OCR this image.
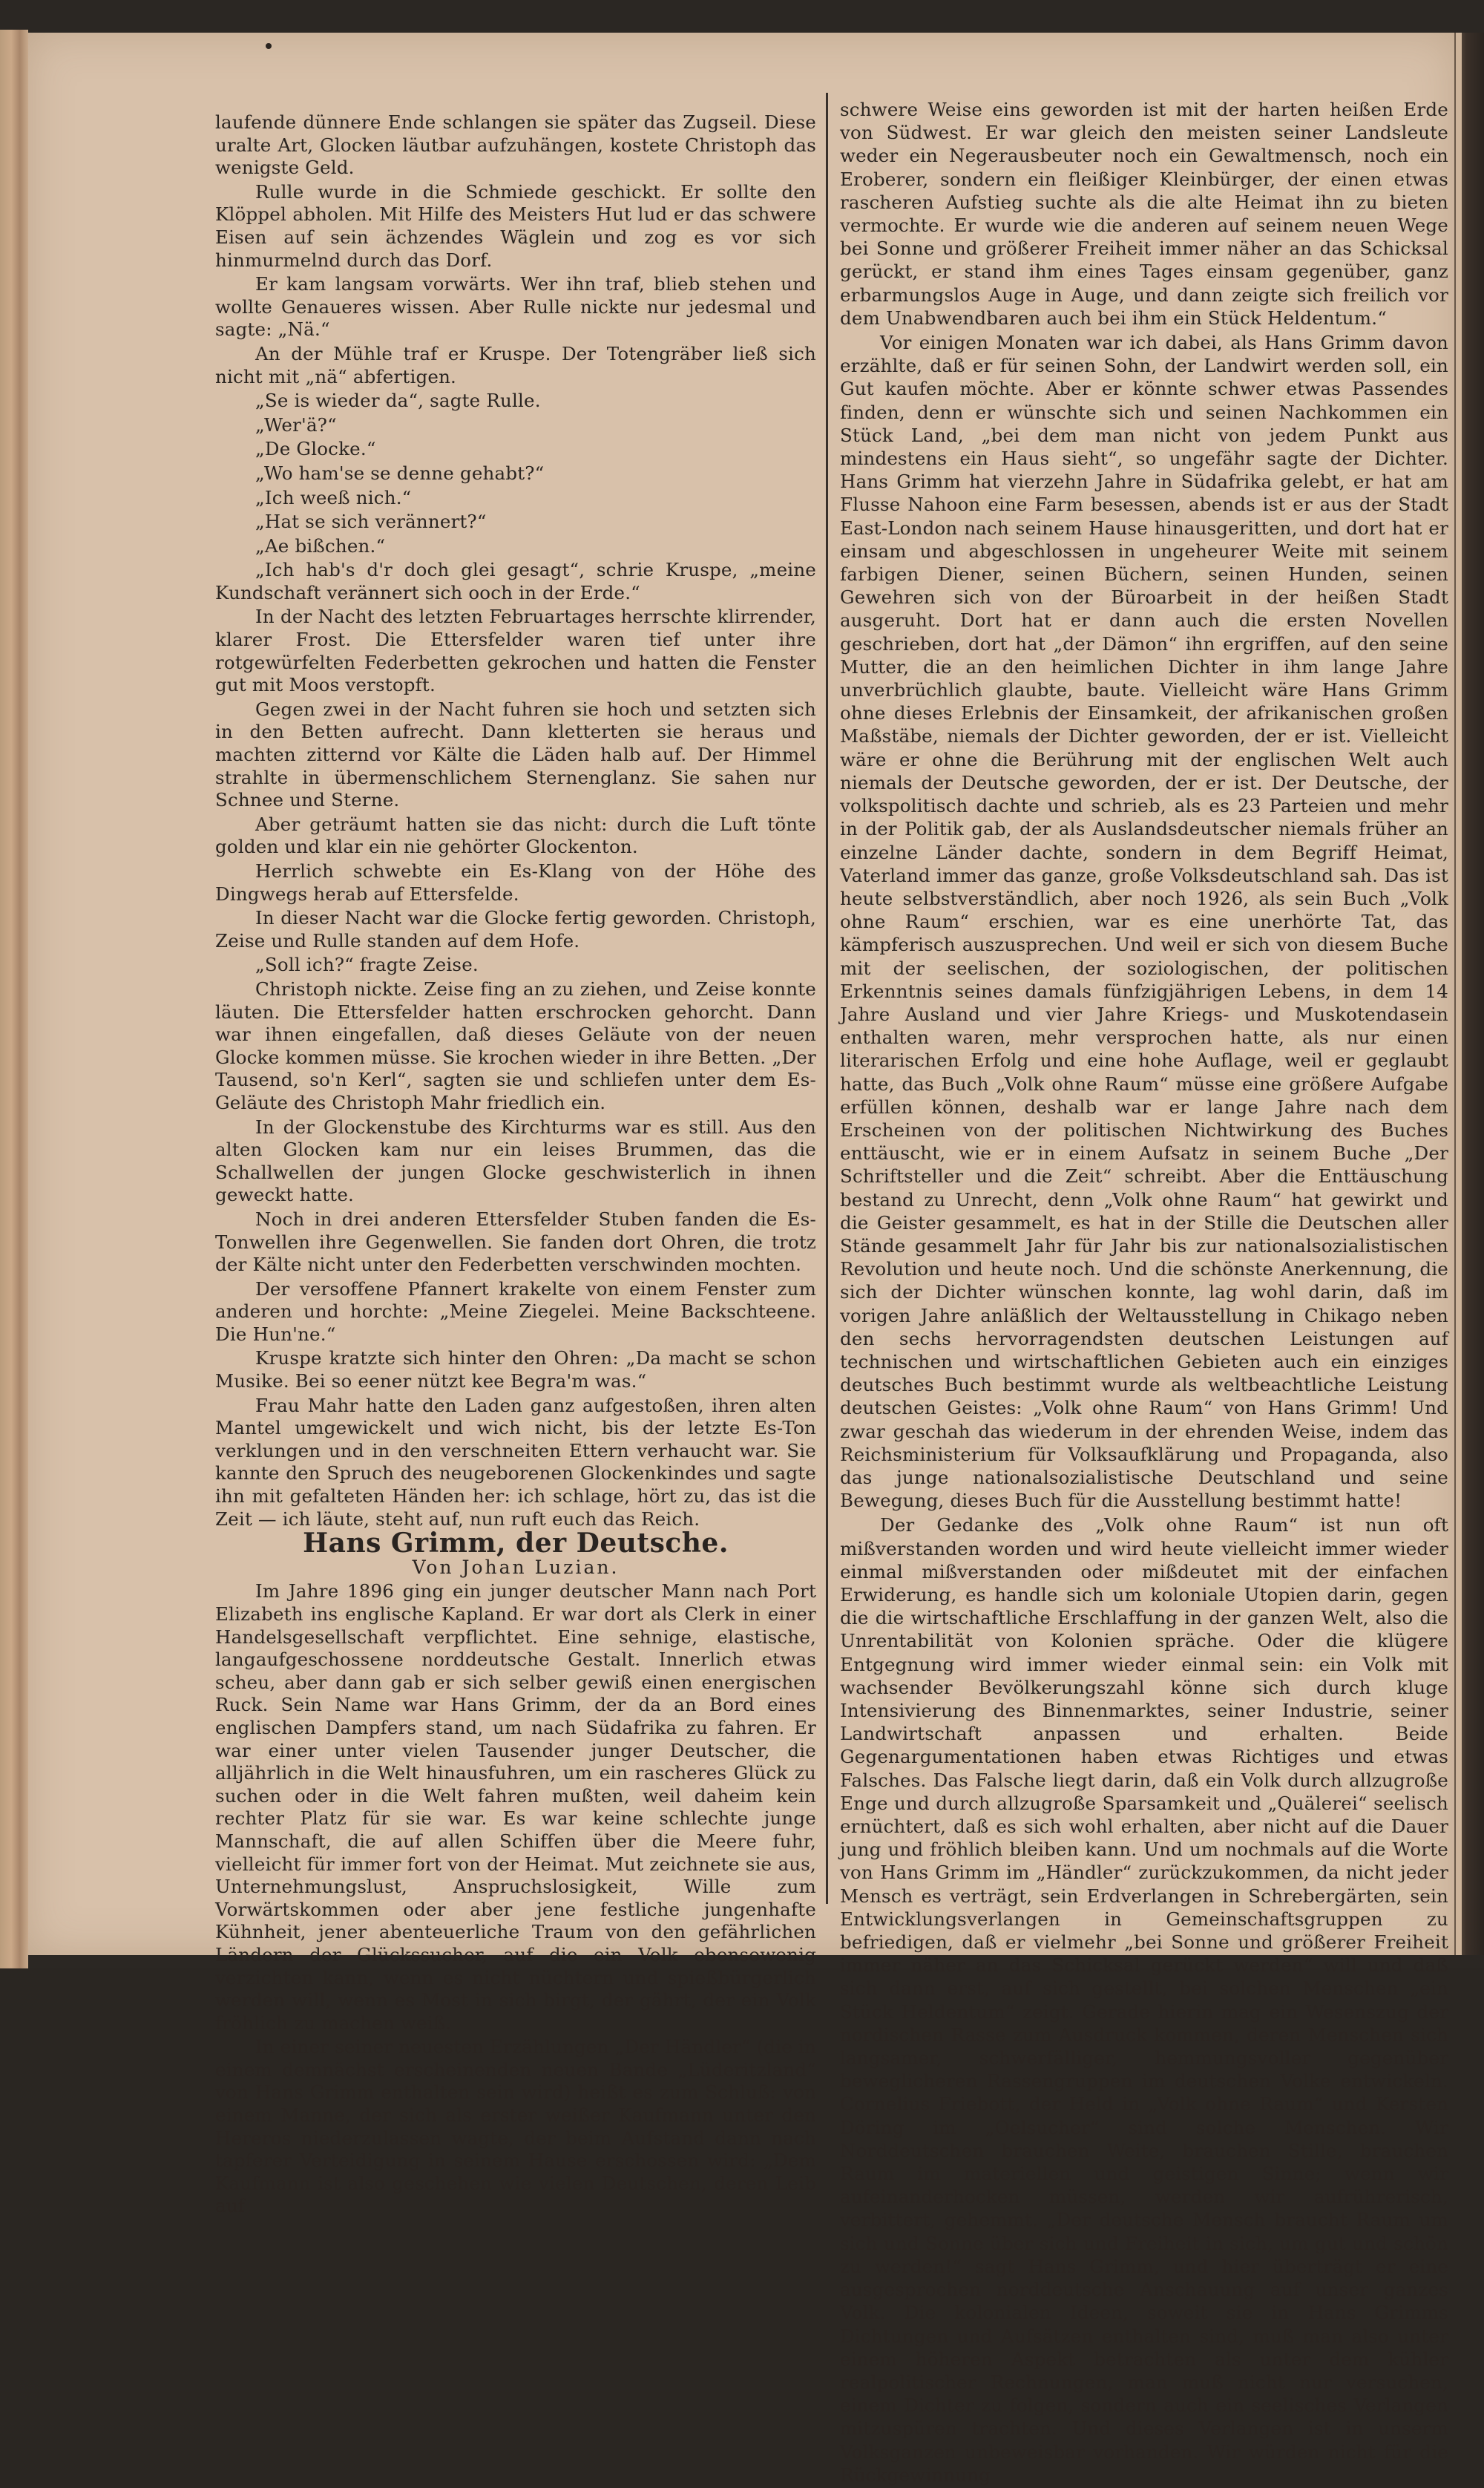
laufende dünnere Ende schlangen sie später das Zugseil. Diese uralte Art, Glocken läutbar aufzuhängen, kostete Christoph das wenigste Geld.

Rulle wurde in die Schmiede geschickt. Er sollte den Klöppel abholen. Mit Hilfe des Meisters Hut lud er das schwere Eisen auf sein ächzendes Wäglein und zog es vor sich hinmurmelnd durch das Dorf.

Er kam langsam vorwärts. Wer ihn traf, blieb stehen und wollte Genaueres wissen. Aber Rulle nickte nur jedesmal und sagte: „Nä.“

An der Mühle traf er Kruspe. Der Totengräber ließ sich nicht mit „nä“ abfertigen.

„Se is wieder da“, sagte Rulle.

„Wer'ä?“

„De Glocke.“

„Wo ham'se se denne gehabt?“

„Ich weeß nich.“

„Hat se sich verännert?“

„Ae bißchen.“

„Ich hab's d'r doch glei gesagt“, schrie Kruspe, „meine Kundschaft verännert sich ooch in der Erde.“

In der Nacht des letzten Februartages herrschte klirrender, klarer Frost. Die Ettersfelder waren tief unter ihre rotgewürfelten Federbetten gekrochen und hatten die Fenster gut mit Moos verstopft.

Gegen zwei in der Nacht fuhren sie hoch und setzten sich in den Betten aufrecht. Dann kletterten sie heraus und machten zitternd vor Kälte die Läden halb auf. Der Himmel strahlte in übermenschlichem Sternenglanz. Sie sahen nur Schnee und Sterne.

Aber geträumt hatten sie das nicht: durch die Luft tönte golden und klar ein nie gehörter Glockenton.

Herrlich schwebte ein Es-Klang von der Höhe des Dingwegs herab auf Ettersfelde.

In dieser Nacht war die Glocke fertig geworden. Christoph, Zeise und Rulle standen auf dem Hofe.

„Soll ich?“ fragte Zeise.

Christoph nickte. Zeise fing an zu ziehen, und Zeise konnte läuten. Die Ettersfelder hatten erschrocken gehorcht. Dann war ihnen eingefallen, daß dieses Geläute von der neuen Glocke kommen müsse. Sie krochen wieder in ihre Betten. „Der Tausend, so'n Kerl“, sagten sie und schliefen unter dem Es-Geläute des Christoph Mahr friedlich ein.

In der Glockenstube des Kirchturms war es still. Aus den alten Glocken kam nur ein leises Brummen, das die Schallwellen der jungen Glocke geschwisterlich in ihnen geweckt hatte.

Noch in drei anderen Ettersfelder Stuben fanden die Es-Tonwellen ihre Gegenwellen. Sie fanden dort Ohren, die trotz der Kälte nicht unter den Federbetten verschwinden mochten.

Der versoffene Pfannert krakelte von einem Fenster zum anderen und horchte: „Meine Ziegelei. Meine Backschteene. Die Hun'ne.“

Kruspe kratzte sich hinter den Ohren: „Da macht se schon Musike. Bei so eener nützt kee Begra'm was.“

Frau Mahr hatte den Laden ganz aufgestoßen, ihren alten Mantel umgewickelt und wich nicht, bis der letzte Es-Ton verklungen und in den verschneiten Ettern verhaucht war. Sie kannte den Spruch des neugeborenen Glockenkindes und sagte ihn mit gefalteten Händen her: ich schlage, hört zu, das ist die Zeit — ich läute, steht auf, nun ruft euch das Reich.

Hans Grimm, der Deutsche.

Von Johan Luzian.

Im Jahre 1896 ging ein junger deutscher Mann nach Port Elizabeth ins englische Kapland. Er war dort als Clerk in einer Handelsgesellschaft verpflichtet. Eine sehnige, elastische, langaufgeschossene norddeutsche Gestalt. Innerlich etwas scheu, aber dann gab er sich selber gewiß einen energischen Ruck. Sein Name war Hans Grimm, der da an Bord eines englischen Dampfers stand, um nach Südafrika zu fahren. Er war einer unter vielen Tausender junger Deutscher, die alljährlich in die Welt hinausfuhren, um ein rascheres Glück zu suchen oder in die Welt fahren mußten, weil daheim kein rechter Platz für sie war. Es war keine schlechte junge Mannschaft, die auf allen Schiffen über die Meere fuhr, vielleicht für immer fort von der Heimat. Mut zeichnete sie aus, Unternehmungslust, Anspruchslosigkeit, Wille zum Vorwärtskommen oder aber jene festliche jungenhafte Kühnheit, jener abenteuerliche Traum von den gefährlichen Ländern der Glückssucher, auf die ein Volk ebensowenig verzichten kann, wenn es nicht nüchtern und spießbürgerlich werden will, wenn es Most in sich birgt, der gährt, der ein Volk fröhlich zu machen weiß.

In einer seiner neuesten Erzählungen „Der Händler“ (die in einem demnächst erscheinenden neuen Bande „Lüderitzland“ von Hans Grimm enthalten sein wird) heißt es zum Schluß: von einem Manne, der sich als erster weißer Kaufmann unter den Hereros niederzulassen wagte, der beim Aufstand dann nach tapferer Verteidigung in seinem Hause erschossen wird: „Dem Kaufmann ist also geschehen wie vielen Deutschen, deren Leib auf

schwere Weise eins geworden ist mit der harten heißen Erde von Südwest. Er war gleich den meisten seiner Landsleute weder ein Negerausbeuter noch ein Gewaltmensch, noch ein Eroberer, sondern ein fleißiger Kleinbürger, der einen etwas rascheren Aufstieg suchte als die alte Heimat ihn zu bieten vermochte. Er wurde wie die anderen auf seinem neuen Wege bei Sonne und größerer Freiheit immer näher an das Schicksal gerückt, er stand ihm eines Tages einsam gegenüber, ganz erbarmungslos Auge in Auge, und dann zeigte sich freilich vor dem Unabwendbaren auch bei ihm ein Stück Heldentum.“

Vor einigen Monaten war ich dabei, als Hans Grimm davon erzählte, daß er für seinen Sohn, der Landwirt werden soll, ein Gut kaufen möchte. Aber er könnte schwer etwas Passendes finden, denn er wünschte sich und seinen Nachkommen ein Stück Land, „bei dem man nicht von jedem Punkt aus mindestens ein Haus sieht“, so ungefähr sagte der Dichter. Hans Grimm hat vierzehn Jahre in Südafrika gelebt, er hat am Flusse Nahoon eine Farm besessen, abends ist er aus der Stadt East-London nach seinem Hause hinausgeritten, und dort hat er einsam und abgeschlossen in ungeheurer Weite mit seinem farbigen Diener, seinen Büchern, seinen Hunden, seinen Gewehren sich von der Büroarbeit in der heißen Stadt ausgeruht. Dort hat er dann auch die ersten Novellen geschrieben, dort hat „der Dämon“ ihn ergriffen, auf den seine Mutter, die an den heimlichen Dichter in ihm lange Jahre unverbrüchlich glaubte, baute. Vielleicht wäre Hans Grimm ohne dieses Erlebnis der Einsamkeit, der afrikanischen großen Maßstäbe, niemals der Dichter geworden, der er ist. Vielleicht wäre er ohne die Berührung mit der englischen Welt auch niemals der Deutsche geworden, der er ist. Der Deutsche, der volkspolitisch dachte und schrieb, als es 23 Parteien und mehr in der Politik gab, der als Auslandsdeutscher niemals früher an einzelne Länder dachte, sondern in dem Begriff Heimat, Vaterland immer das ganze, große Volksdeutschland sah. Das ist heute selbstverständlich, aber noch 1926, als sein Buch „Volk ohne Raum“ erschien, war es eine unerhörte Tat, das kämpferisch auszusprechen. Und weil er sich von diesem Buche mit der seelischen, der soziologischen, der politischen Erkenntnis seines damals fünfzigjährigen Lebens, in dem 14 Jahre Ausland und vier Jahre Kriegs- und Muskotendasein enthalten waren, mehr versprochen hatte, als nur einen literarischen Erfolg und eine hohe Auflage, weil er geglaubt hatte, das Buch „Volk ohne Raum“ müsse eine größere Aufgabe erfüllen können, deshalb war er lange Jahre nach dem Erscheinen von der politischen Nichtwirkung des Buches enttäuscht, wie er in einem Aufsatz in seinem Buche „Der Schriftsteller und die Zeit“ schreibt. Aber die Enttäuschung bestand zu Unrecht, denn „Volk ohne Raum“ hat gewirkt und die Geister gesammelt, es hat in der Stille die Deutschen aller Stände gesammelt Jahr für Jahr bis zur nationalsozialistischen Revolution und heute noch. Und die schönste Anerkennung, die sich der Dichter wünschen konnte, lag wohl darin, daß im vorigen Jahre anläßlich der Weltausstellung in Chikago neben den sechs hervorragendsten deutschen Leistungen auf technischen und wirtschaftlichen Gebieten auch ein einziges deutsches Buch bestimmt wurde als weltbeachtliche Leistung deutschen Geistes: „Volk ohne Raum“ von Hans Grimm! Und zwar geschah das wiederum in der ehrenden Weise, indem das Reichsministerium für Volksaufklärung und Propaganda, also das junge nationalsozialistische Deutschland und seine Bewegung, dieses Buch für die Ausstellung bestimmt hatte!

Der Gedanke des „Volk ohne Raum“ ist nun oft mißverstanden worden und wird heute vielleicht immer wieder einmal mißverstanden oder mißdeutet mit der einfachen Erwiderung, es handle sich um koloniale Utopien darin, gegen die die wirtschaftliche Erschlaffung in der ganzen Welt, also die Unrentabilität von Kolonien spräche. Oder die klügere Entgegnung wird immer wieder einmal sein: ein Volk mit wachsender Bevölkerungszahl könne sich durch kluge Intensivierung des Binnenmarktes, seiner Industrie, seiner Landwirtschaft anpassen und erhalten. Beide Gegenargumentationen haben etwas Richtiges und etwas Falsches. Das Falsche liegt darin, daß ein Volk durch allzugroße Enge und durch allzugroße Sparsamkeit und „Quälerei“ seelisch ernüchtert, daß es sich wohl erhalten, aber nicht auf die Dauer jung und fröhlich bleiben kann. Und um nochmals auf die Worte von Hans Grimm im „Händler“ zurückzukommen, da nicht jeder Mensch es verträgt, sein Erdverlangen in Schrebergärten, sein Entwicklungsverlangen in Gemeinschaftsgruppen zu befriedigen, daß er vielmehr „bei Sonne und größerer Freiheit immer näher an das Schicksal gerückt werden“ will und daß sich dann erst, auf sich gestellt, bei solchen Menschen „ein Stück Heldentum“ zeigt. Gerade hierin mag ein Wesenszug der nordischen Rasse zum Ausdruck kommen, deren Menschen sich langsamer, schwerfälliger, hemmungsvoller gegenüber beweglicheren Rassengruppen im deutschen Volke entwickeln. Cornelius Friebott, der Held in „Volk ohne Raum“ und Kersten Döring im „Oelsucher“ sind solche Menschen. Wir Norddeutschen brauchen Weite, brauchen Stille, brauchen Raum im materiellen und geistigen Sinne; wenn wir aufeinanderhocken müssen, werden wir aufrührerisch, verbittert, gehemmt. „Der deutsche Mensch braucht Raum um sich und Sonne über sich und Freiheit in sich, um gut und schön zu werden!“ sagt Hans Grimm, und hier überträgt er eine ausgesprochen norddeutsche Anschauung auf unser ganzes Volk. Die kolonialen Ideen, soweit sie in Hans Grimms Dichtungen und Aufsätzen enthalten sind, muß man also unter einem höheren Aspekt betrachten als unter dem kühler realpolitischer Rechnungen, man muß nicht nur versuchen, einem Dichter zu folgen, sondern auch ein seelisches Verlangen mitzuspüren trachten. Und dieses Verlangen ist in unserm Volksganzen unbeweisbar vorhanden. Wir würden nicht für die Rückgewinnung
